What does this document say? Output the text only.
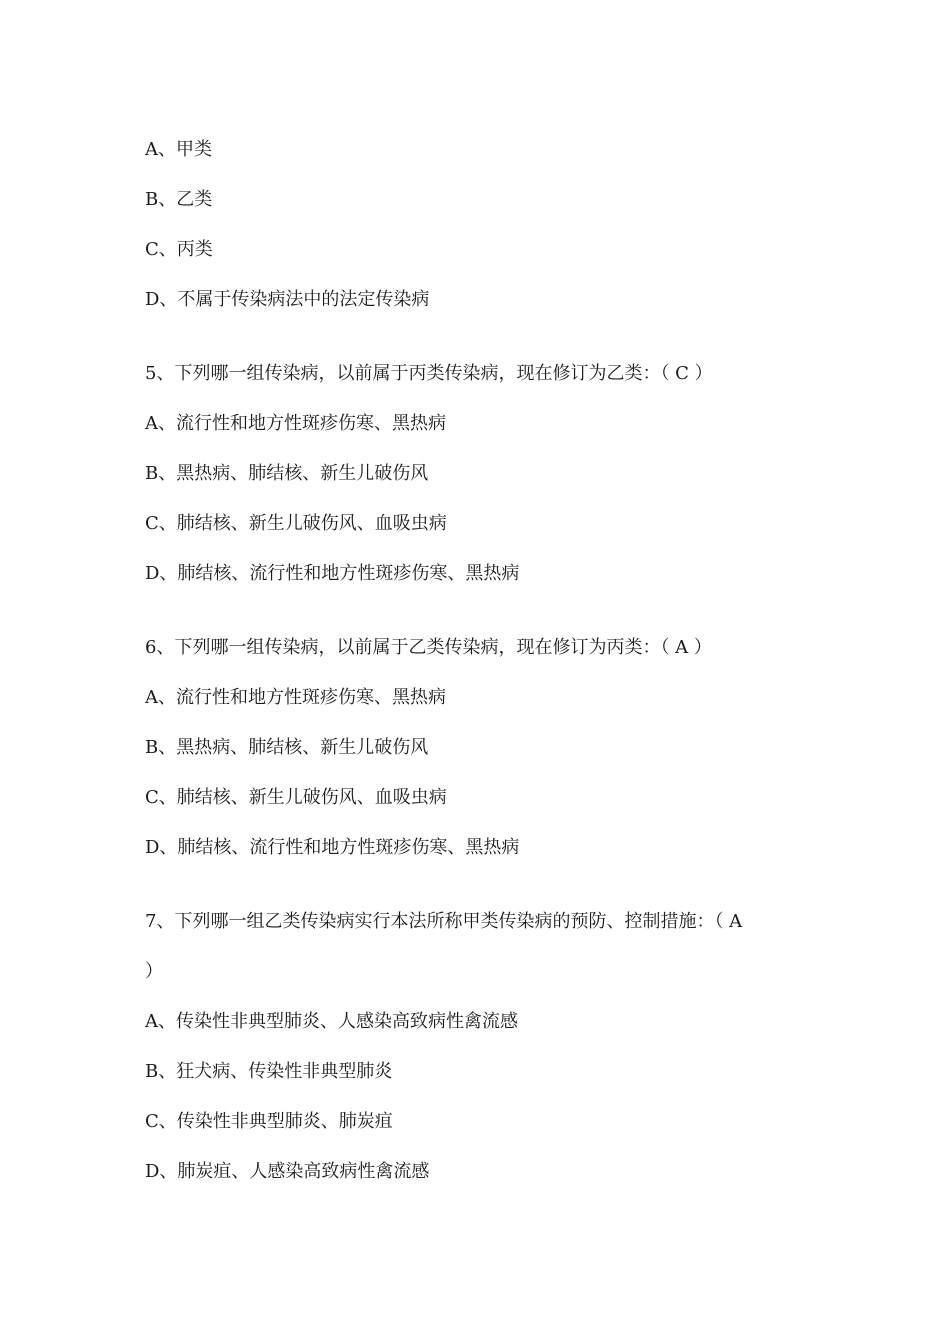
A、甲类
B、乙类
C、丙类
D、不属于传染病法中的法定传染病
5、下列哪一组传染病，以前属于丙类传染病，现在修订为乙类：（ C ）
A、流行性和地方性斑疹伤寒、黑热病
B、黑热病、肺结核、新生儿破伤风
C、肺结核、新生儿破伤风、血吸虫病
D、肺结核、流行性和地方性斑疹伤寒、黑热病
6、下列哪一组传染病，以前属于乙类传染病，现在修订为丙类：（ A ）
A、流行性和地方性斑疹伤寒、黑热病
B、黑热病、肺结核、新生儿破伤风
C、肺结核、新生儿破伤风、血吸虫病
D、肺结核、流行性和地方性斑疹伤寒、黑热病
7、下列哪一组乙类传染病实行本法所称甲类传染病的预防、控制措施：（ A
）
A、传染性非典型肺炎、人感染高致病性禽流感
B、狂犬病、传染性非典型肺炎
C、传染性非典型肺炎、肺炭疽
D、肺炭疽、人感染高致病性禽流感
